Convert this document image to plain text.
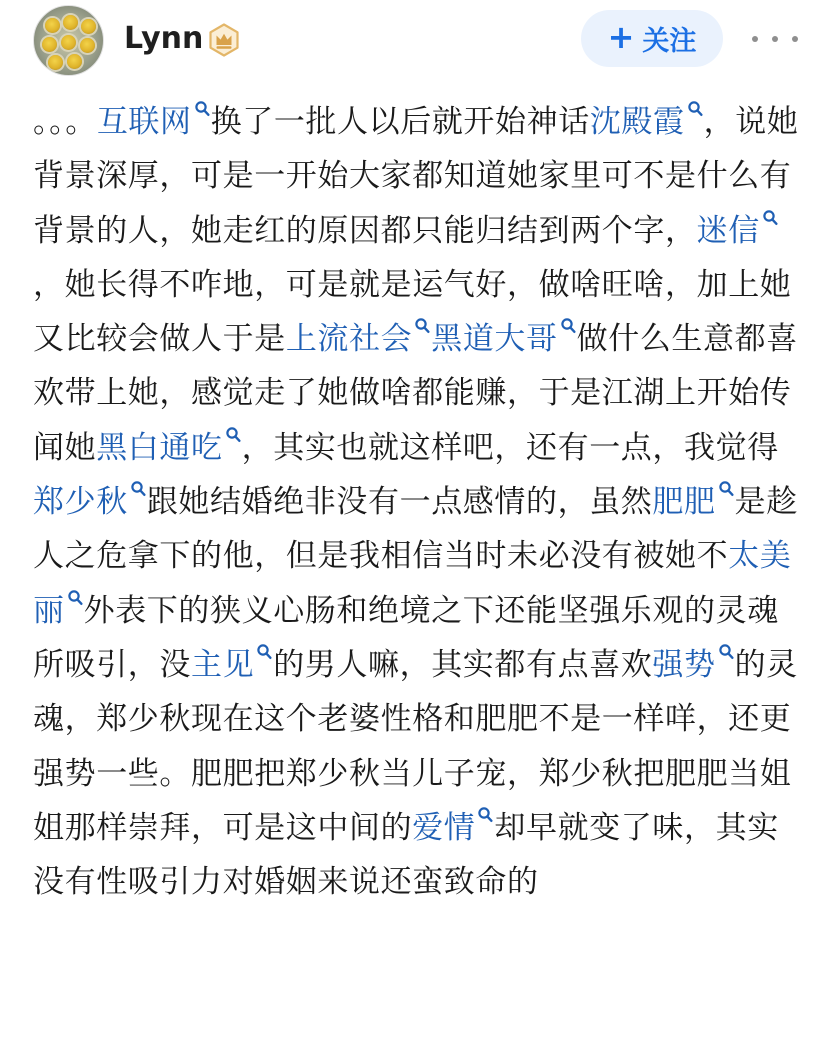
Lynn	+ 关注
。。。互联网 换了一批人以后就开始神话沈殿霞 ，说她背景深厚，可是一开始大家都知道她家里可不是什么有背景的人，她走红的原因都只能归结到两个字，迷信，她长得不咋地，可是就是运气好，做啥旺啥，加上她又比较会做人于是上流社会 黑道大哥 做什么生意都喜欢带上她，感觉走了她做啥都能赚，于是江湖上开始传闻她黑白通吃 ，其实也就这样吧，还有一点，我觉得郑少秋 跟她结婚绝非没有一点感情的，虽然肥肥 是趁人之危拿下的他，但是我相信当时未必没有被她不太美丽 外表下的狭义心肠和绝境之下还能坚强乐观的灵魂所吸引，没主见 的男人嘛，其实都有点喜欢强势 的灵魂，郑少秋现在这个老婆性格和肥肥不是一样咩，还更强势一些。肥肥把郑少秋当儿子宠，郑少秋把肥肥当姐姐那样崇拜，可是这中间的爱情 却早就变了味，其实没有性吸引力对婚姻来说还蛮致命的
